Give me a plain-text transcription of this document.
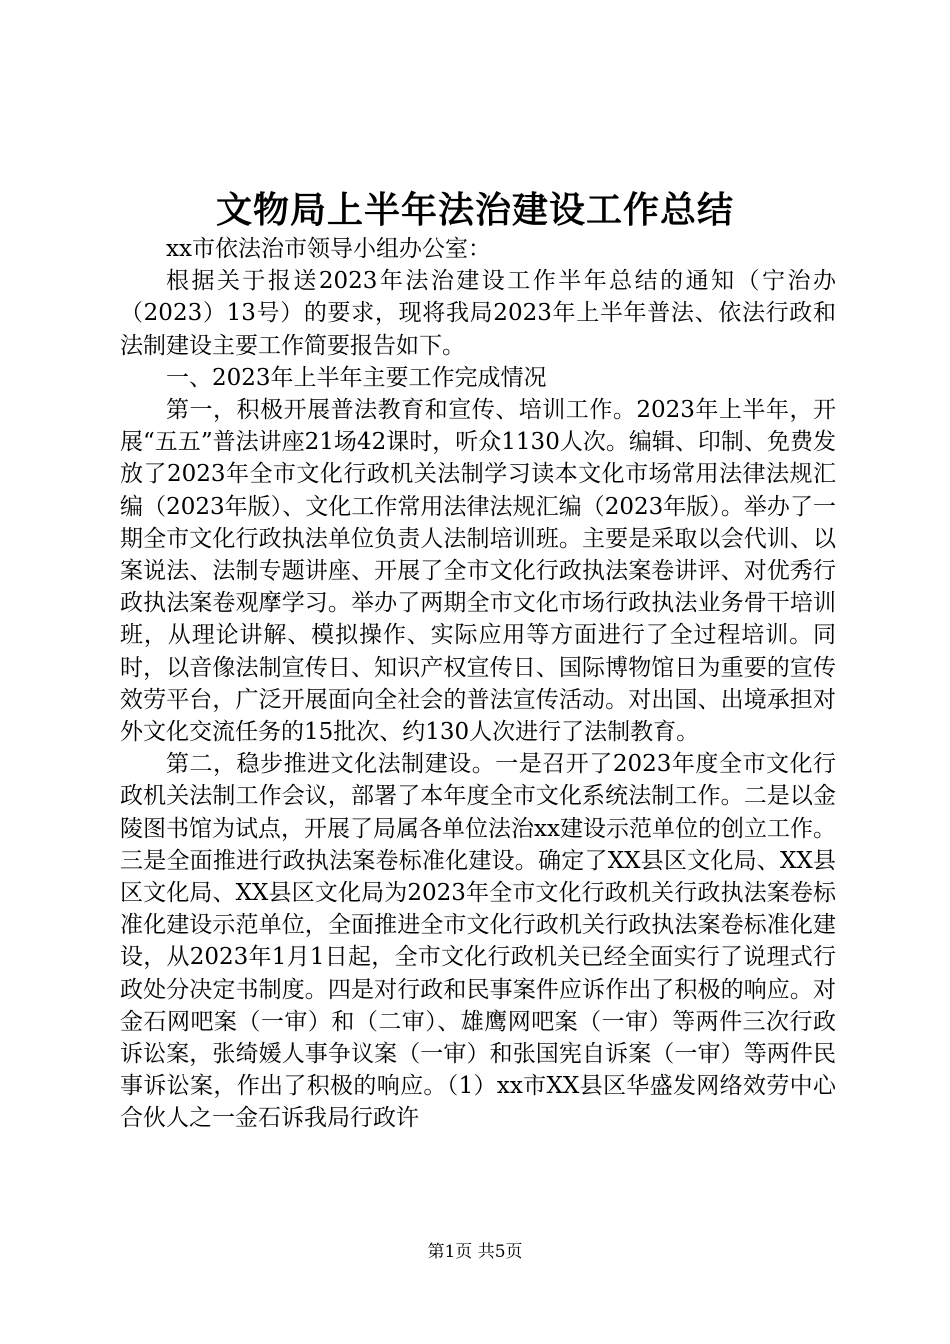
文物局上半年法治建设工作总结

xx市依法治市领导小组办公室：

根据关于报送2023年法治建设工作半年总结的通知（宁治办（2023）13号）的要求，现将我局2023年上半年普法、依法行政和法制建设主要工作简要报告如下。

一、2023年上半年主要工作完成情况

第一，积极开展普法教育和宣传、培训工作。2023年上半年，开展“五五”普法讲座21场42课时，听众1130人次。编辑、印制、免费发放了2023年全市文化行政机关法制学习读本文化市场常用法律法规汇编（2023年版）、文化工作常用法律法规汇编（2023年版）。举办了一期全市文化行政执法单位负责人法制培训班。主要是采取以会代训、以案说法、法制专题讲座、开展了全市文化行政执法案卷讲评、对优秀行政执法案卷观摩学习。举办了两期全市文化市场行政执法业务骨干培训班，从理论讲解、模拟操作、实际应用等方面进行了全过程培训。同时，以音像法制宣传日、知识产权宣传日、国际博物馆日为重要的宣传效劳平台，广泛开展面向全社会的普法宣传活动。对出国、出境承担对外文化交流任务的15批次、约130人次进行了法制教育。

第二，稳步推进文化法制建设。一是召开了2023年度全市文化行政机关法制工作会议，部署了本年度全市文化系统法制工作。二是以金陵图书馆为试点，开展了局属各单位法治xx建设示范单位的创立工作。三是全面推进行政执法案卷标准化建设。确定了XX县区文化局、XX县区文化局、XX县区文化局为2023年全市文化行政机关行政执法案卷标准化建设示范单位，全面推进全市文化行政机关行政执法案卷标准化建设，从2023年1月1日起，全市文化行政机关已经全面实行了说理式行政处分决定书制度。四是对行政和民事案件应诉作出了积极的响应。对金石网吧案（一审）和（二审）、雄鹰网吧案（一审）等两件三次行政诉讼案，张绮媛人事争议案（一审）和张国宪自诉案（一审）等两件民事诉讼案，作出了积极的响应。（1）xx市XX县区华盛发网络效劳中心合伙人之一金石诉我局行政许

第1页 共5页
